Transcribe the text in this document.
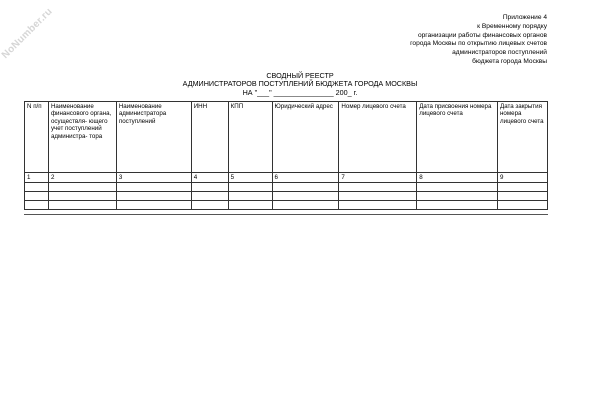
NoNumber.ru	Приложение 4
к Временному порядку
организации работы финансовых органов
города Москвы по открытию лицевых счетов
администраторов поступлений
бюджета города Москвы
СВОДНЫЙ РЕЕСТР
АДМИНИСТРАТОРОВ ПОСТУПЛЕНИЙ БЮДЖЕТА ГОРОДА МОСКВЫ
НА "___" _______________ 200_ г.
N п/п	Наименование финансового органа, осуществля- ющего учет поступлений администра- тора	Наименование администратора поступлений	ИНН	КПП	Юридический адрес	Номер лицевого счета	Дата присвоения номера лицевого счета	Дата закрытия номера лицевого счета
1	2	3	4	5	6	7	8	9
